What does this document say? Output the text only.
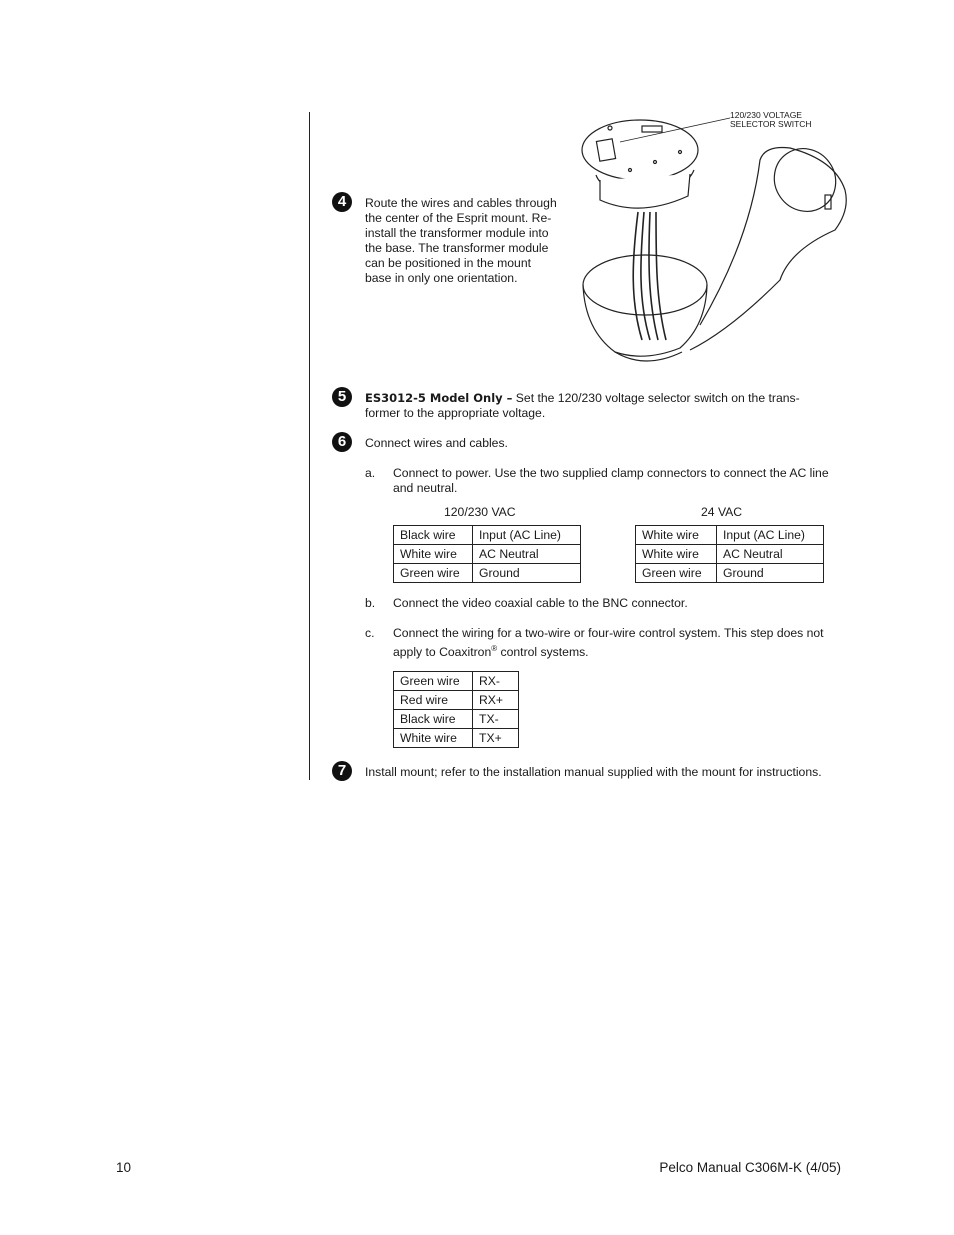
120/230 VOLTAGE
SELECTOR SWITCH
4	Route the wires and cables through
the center of the Esprit mount. Re-
install the transformer module into
the base. The transformer module
can be positioned in the mount
base in only one orientation.
5	ES3012-5 Model Only – Set the 120/230 voltage selector switch on the trans-
former to the appropriate voltage.
6	Connect wires and cables.
a. Connect to power. Use the two supplied clamp connectors to connect the AC line
and neutral.
120/230 VAC	24 VAC
Black wire	Input (AC Line)
White wire	AC Neutral
Green wire	Ground
White wire	Input (AC Line)
White wire	AC Neutral
Green wire	Ground
b. Connect the video coaxial cable to the BNC connector.
c. Connect the wiring for a two-wire or four-wire control system. This step does not
apply to Coaxitron® control systems.
Green wire	RX-
Red wire	RX+
Black wire	TX-
White wire	TX+
7	Install mount; refer to the installation manual supplied with the mount for instructions.
10	Pelco Manual C306M-K (4/05)
